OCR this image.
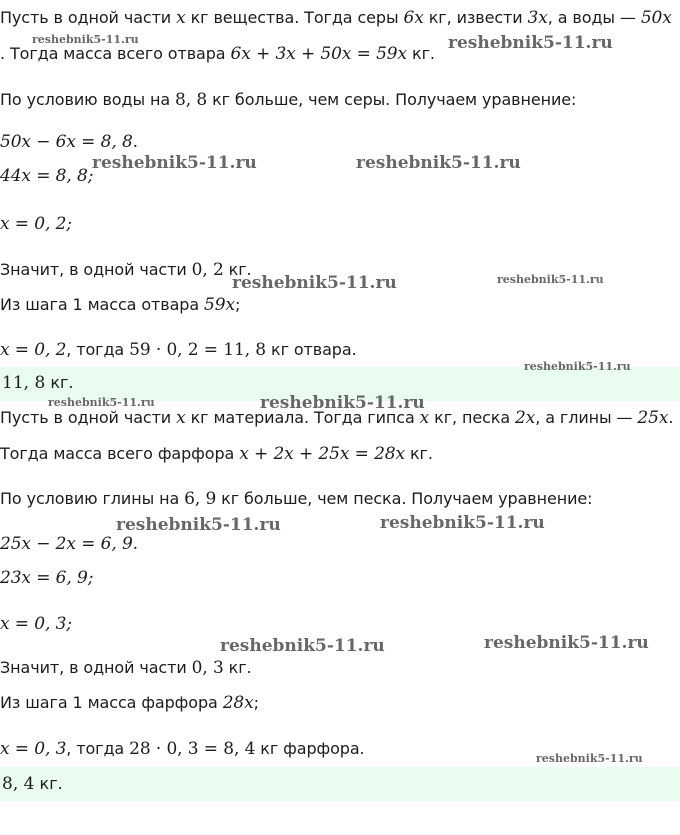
Пусть в одной части x кг вещества. Тогда серы 6x кг, извести 3x, а воды — 50x
. Тогда масса всего отвара 6x + 3x + 50x = 59x кг.
По условию воды на 8, 8 кг больше, чем серы. Получаем уравнение:
50x − 6x = 8, 8.
44x = 8, 8;
x = 0, 2;
Значит, в одной части 0, 2 кг.
Из шага 1 масса отвара 59x;
x = 0, 2, тогда 59 · 0, 2 = 11, 8 кг отвара.
11, 8 кг.
Пусть в одной части x кг материала. Тогда гипса x кг, песка 2x, а глины — 25x.
Тогда масса всего фарфора x + 2x + 25x = 28x кг.
По условию глины на 6, 9 кг больше, чем песка. Получаем уравнение:
25x − 2x = 6, 9.
23x = 6, 9;
x = 0, 3;
Значит, в одной части 0, 3 кг.
Из шага 1 масса фарфора 28x;
x = 0, 3, тогда 28 · 0, 3 = 8, 4 кг фарфора.
8, 4 кг.
reshebnik5-11.ru	reshebnik5-11.ru
reshebnik5-11.ru	reshebnik5-11.ru
reshebnik5-11.ru	reshebnik5-11.ru
reshebnik5-11.ru
reshebnik5-11.ru	reshebnik5-11.ru
reshebnik5-11.ru	reshebnik5-11.ru
reshebnik5-11.ru	reshebnik5-11.ru
reshebnik5-11.ru
